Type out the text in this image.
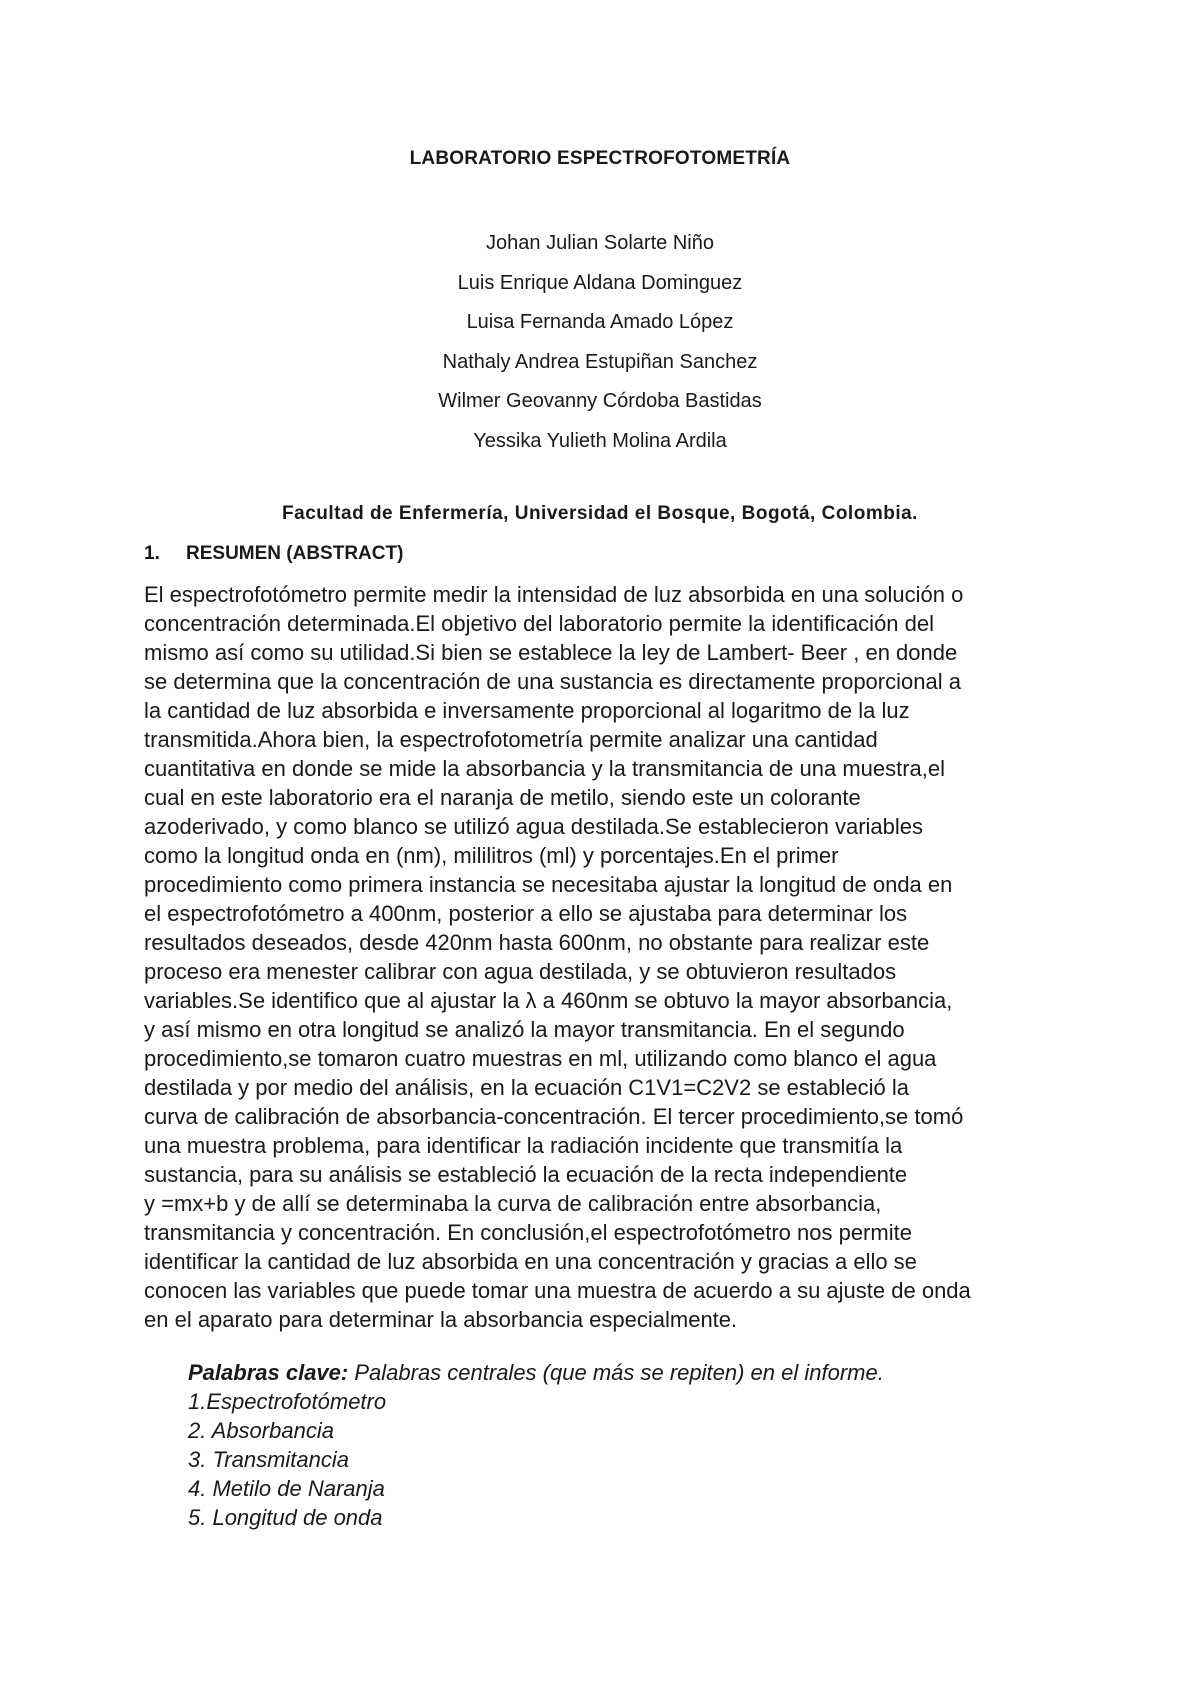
LABORATORIO ESPECTROFOTOMETRÍA
Johan Julian Solarte Niño
Luis Enrique Aldana Dominguez
Luisa Fernanda Amado López
Nathaly Andrea Estupiñan Sanchez
Wilmer Geovanny Córdoba Bastidas
Yessika Yulieth Molina Ardila
Facultad de Enfermería, Universidad el Bosque, Bogotá, Colombia.
1. RESUMEN (ABSTRACT)
El espectrofotómetro permite medir la intensidad de luz absorbida en una solución o
concentración determinada.El objetivo del laboratorio permite la identificación del
mismo así como su utilidad.Si bien se establece la ley de Lambert- Beer , en donde
se determina que la concentración de una sustancia es directamente proporcional a
la cantidad de luz absorbida e inversamente proporcional al logaritmo de la luz
transmitida.Ahora bien, la espectrofotometría permite analizar una cantidad
cuantitativa en donde se mide la absorbancia y la transmitancia de una muestra,el
cual en este laboratorio era el naranja de metilo, siendo este un colorante
azoderivado, y como blanco se utilizó agua destilada.Se establecieron variables
como la longitud onda en (nm), mililitros (ml) y porcentajes.En el primer
procedimiento como primera instancia se necesitaba ajustar la longitud de onda en
el espectrofotómetro a 400nm, posterior a ello se ajustaba para determinar los
resultados deseados, desde 420nm hasta 600nm, no obstante para realizar este
proceso era menester calibrar con agua destilada, y se obtuvieron resultados
variables.Se identifico que al ajustar la λ a 460nm se obtuvo la mayor absorbancia,
y así mismo en otra longitud se analizó la mayor transmitancia. En el segundo
procedimiento,se tomaron cuatro muestras en ml, utilizando como blanco el agua
destilada y por medio del análisis, en la ecuación C1V1=C2V2 se estableció la
curva de calibración de absorbancia-concentración. El tercer procedimiento,se tomó
una muestra problema, para identificar la radiación incidente que transmitía la
sustancia, para su análisis se estableció la ecuación de la recta independiente
y =mx+b y de allí se determinaba la curva de calibración entre absorbancia,
transmitancia y concentración. En conclusión,el espectrofotómetro nos permite
identificar la cantidad de luz absorbida en una concentración y gracias a ello se
conocen las variables que puede tomar una muestra de acuerdo a su ajuste de onda
en el aparato para determinar la absorbancia especialmente.
Palabras clave: Palabras centrales (que más se repiten) en el informe.
1.Espectrofotómetro
2. Absorbancia
3. Transmitancia
4. Metilo de Naranja
5. Longitud de onda
